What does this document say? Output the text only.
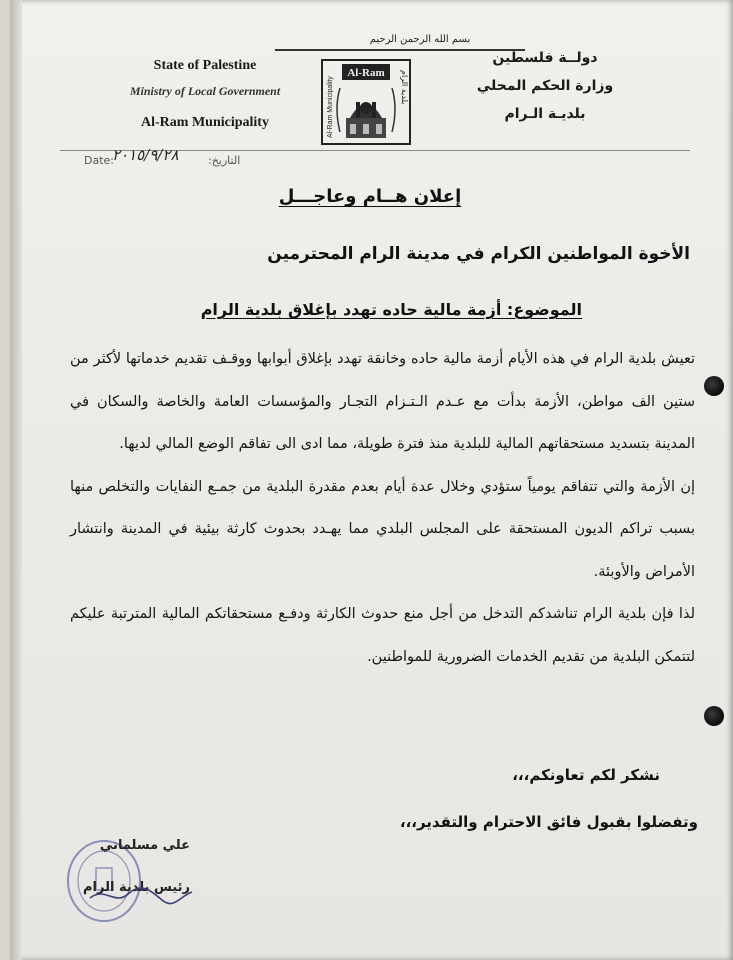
بسم الله الرحمن الرحيم
State of Palestine
Ministry of Local Government
Al-Ram Municipality
Al-Ram
Al-Ram Municipality	بلدية الرام
دولــة فلسطين
وزارة الحكم المحلي
بلديـة الـرام
Date:
٢٠١٥/٩/٢٨	التاريخ:
إعلان هــام وعاجـــل
الأخوة المواطنين الكرام في مدينة الرام المحترمين
الموضوع: أزمة مالية حاده تهدد بإغلاق بلدية الرام

تعيش بلدية الرام في هذه الأيام أزمة مالية حاده وخانقة تهدد بإغلاق أبوابها ووقـف تقديم خدماتها لأكثر من ستين الف مواطن، الأزمة بدأت مع عـدم الـتـزام التجـار والمؤسسات العامة والخاصة والسكان في المدينة بتسديد مستحقاتهم المالية للبلدية منذ فترة طويلة، مما ادى الى تفاقم الوضع المالي لديها.

إن الأزمة والتي تتفاقم يومياً ستؤدي وخلال عدة أيام بعدم مقدرة البلدية من جمـع النفايات والتخلص منها بسبب تراكم الديون المستحقة على المجلس البلدي مما يهـدد بحدوث كارثة بيئية في المدينة وانتشار الأمراض والأوبئة.

لذا فإن بلدية الرام تناشدكم التدخل من أجل منع حدوث الكارثة ودفـع مستحقاتكم المالية المترتبة عليكم لتتمكن البلدية من تقديم الخدمات الضرورية للمواطنين.

نشكر لكم تعاونكم،،،
وتفضلوا بقبول فائق الاحترام والتقدير،،،
علي مسلماني
رئيس بلدية الرام
